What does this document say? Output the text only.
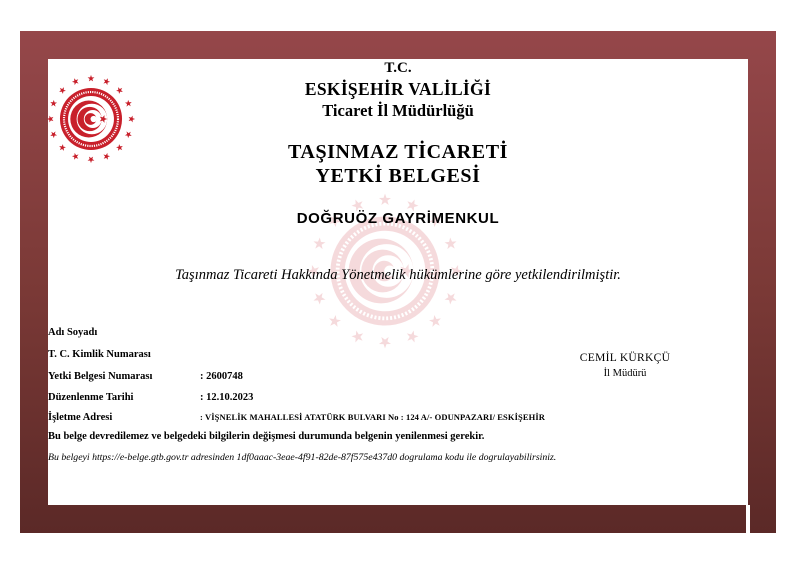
T.C.
ESKİŞEHİR VALİLİĞİ
Ticaret İl Müdürlüğü
TAŞINMAZ TİCARETİ
YETKİ BELGESİ
DOĞRUÖZ GAYRİMENKUL
Taşınmaz Ticareti Hakkında Yönetmelik hükümlerine göre yetkilendirilmiştir.
Adı Soyadı
T. C. Kimlik Numarası
Yetki Belgesi Numarası	: 2600748
Düzenlenme Tarihi	: 12.10.2023
İşletme Adresi	: VİŞNELİK MAHALLESİ ATATÜRK BULVARI No : 124 A/- ODUNPAZARI/ ESKİŞEHİR
CEMİL KÜRKÇÜ
İl Müdürü
Bu belge devredilemez ve belgedeki bilgilerin değişmesi durumunda belgenin yenilenmesi gerekir.
Bu belgeyi https://e-belge.gtb.gov.tr adresinden 1df0aaac-3eae-4f91-82de-87f575e437d0 dogrulama kodu ile dogrulayabilirsiniz.
